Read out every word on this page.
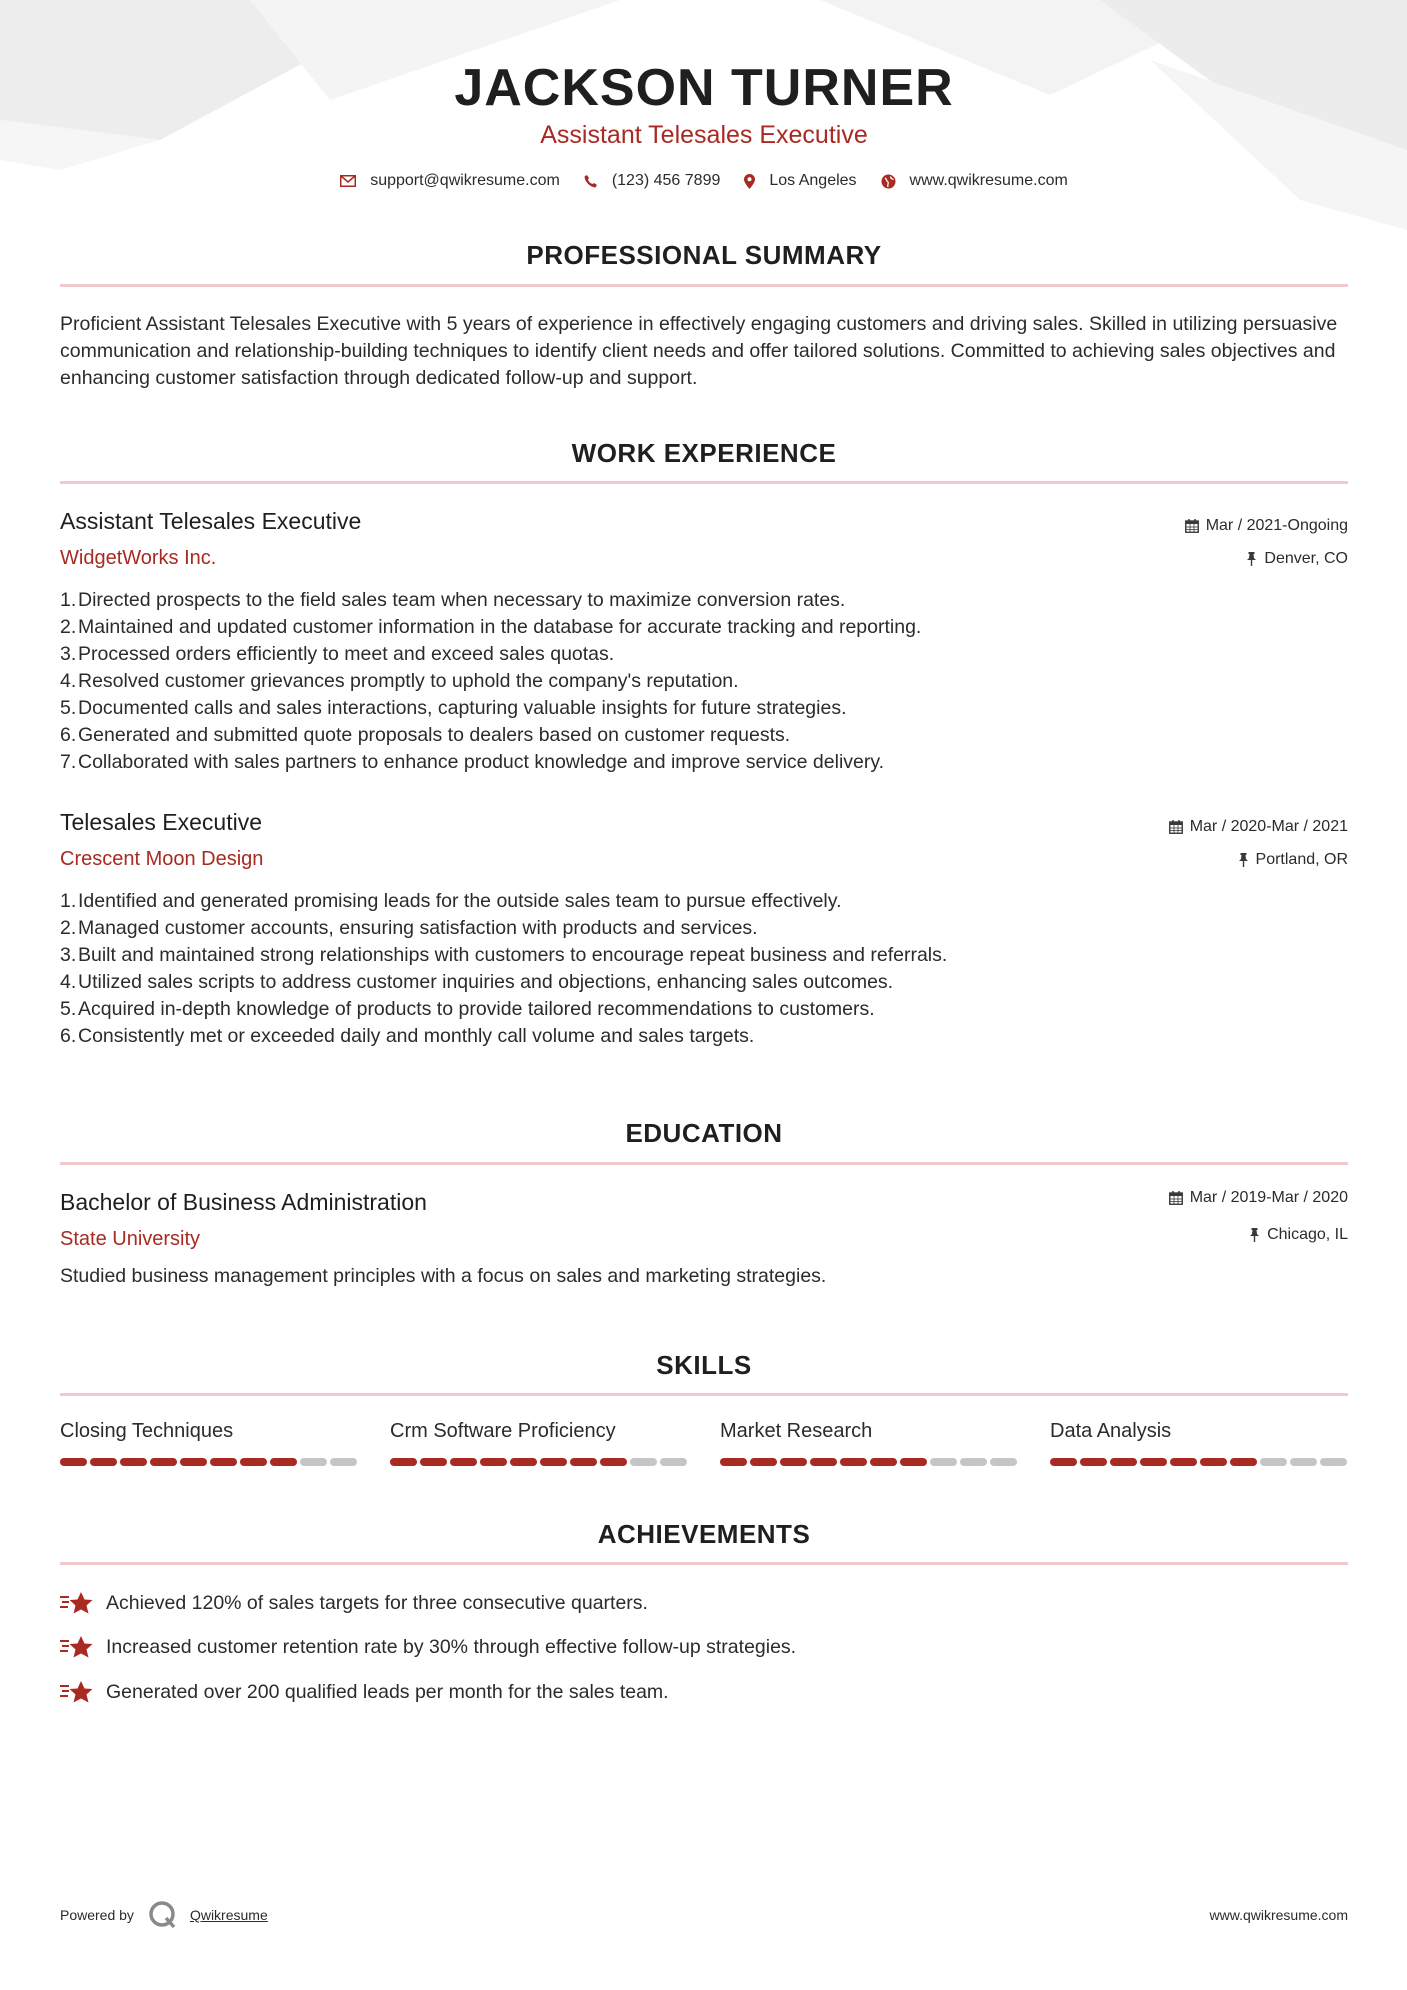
JACKSON TURNER
Assistant Telesales Executive
support@qwikresume.com	(123) 456 7899	Los Angeles	www.qwikresume.com
PROFESSIONAL SUMMARY
Proficient Assistant Telesales Executive with 5 years of experience in effectively engaging customers and driving sales. Skilled in utilizing persuasive communication and relationship-building techniques to identify client needs and offer tailored solutions. Committed to achieving sales objectives and enhancing customer satisfaction through dedicated follow-up and support.
WORK EXPERIENCE
Assistant Telesales Executive
WidgetWorks Inc.
Mar / 2021-Ongoing
Denver, CO
1. Directed prospects to the field sales team when necessary to maximize conversion rates.
2. Maintained and updated customer information in the database for accurate tracking and reporting.
3. Processed orders efficiently to meet and exceed sales quotas.
4. Resolved customer grievances promptly to uphold the company's reputation.
5. Documented calls and sales interactions, capturing valuable insights for future strategies.
6. Generated and submitted quote proposals to dealers based on customer requests.
7. Collaborated with sales partners to enhance product knowledge and improve service delivery.
Telesales Executive
Crescent Moon Design
Mar / 2020-Mar / 2021
Portland, OR
1. Identified and generated promising leads for the outside sales team to pursue effectively.
2. Managed customer accounts, ensuring satisfaction with products and services.
3. Built and maintained strong relationships with customers to encourage repeat business and referrals.
4. Utilized sales scripts to address customer inquiries and objections, enhancing sales outcomes.
5. Acquired in-depth knowledge of products to provide tailored recommendations to customers.
6. Consistently met or exceeded daily and monthly call volume and sales targets.
EDUCATION
Bachelor of Business Administration
State University
Mar / 2019-Mar / 2020
Chicago, IL
Studied business management principles with a focus on sales and marketing strategies.
SKILLS
Closing Techniques	Crm Software Proficiency	Market Research	Data Analysis
ACHIEVEMENTS
Achieved 120% of sales targets for three consecutive quarters.
Increased customer retention rate by 30% through effective follow-up strategies.
Generated over 200 qualified leads per month for the sales team.
Powered by	Qwikresume	www.qwikresume.com
